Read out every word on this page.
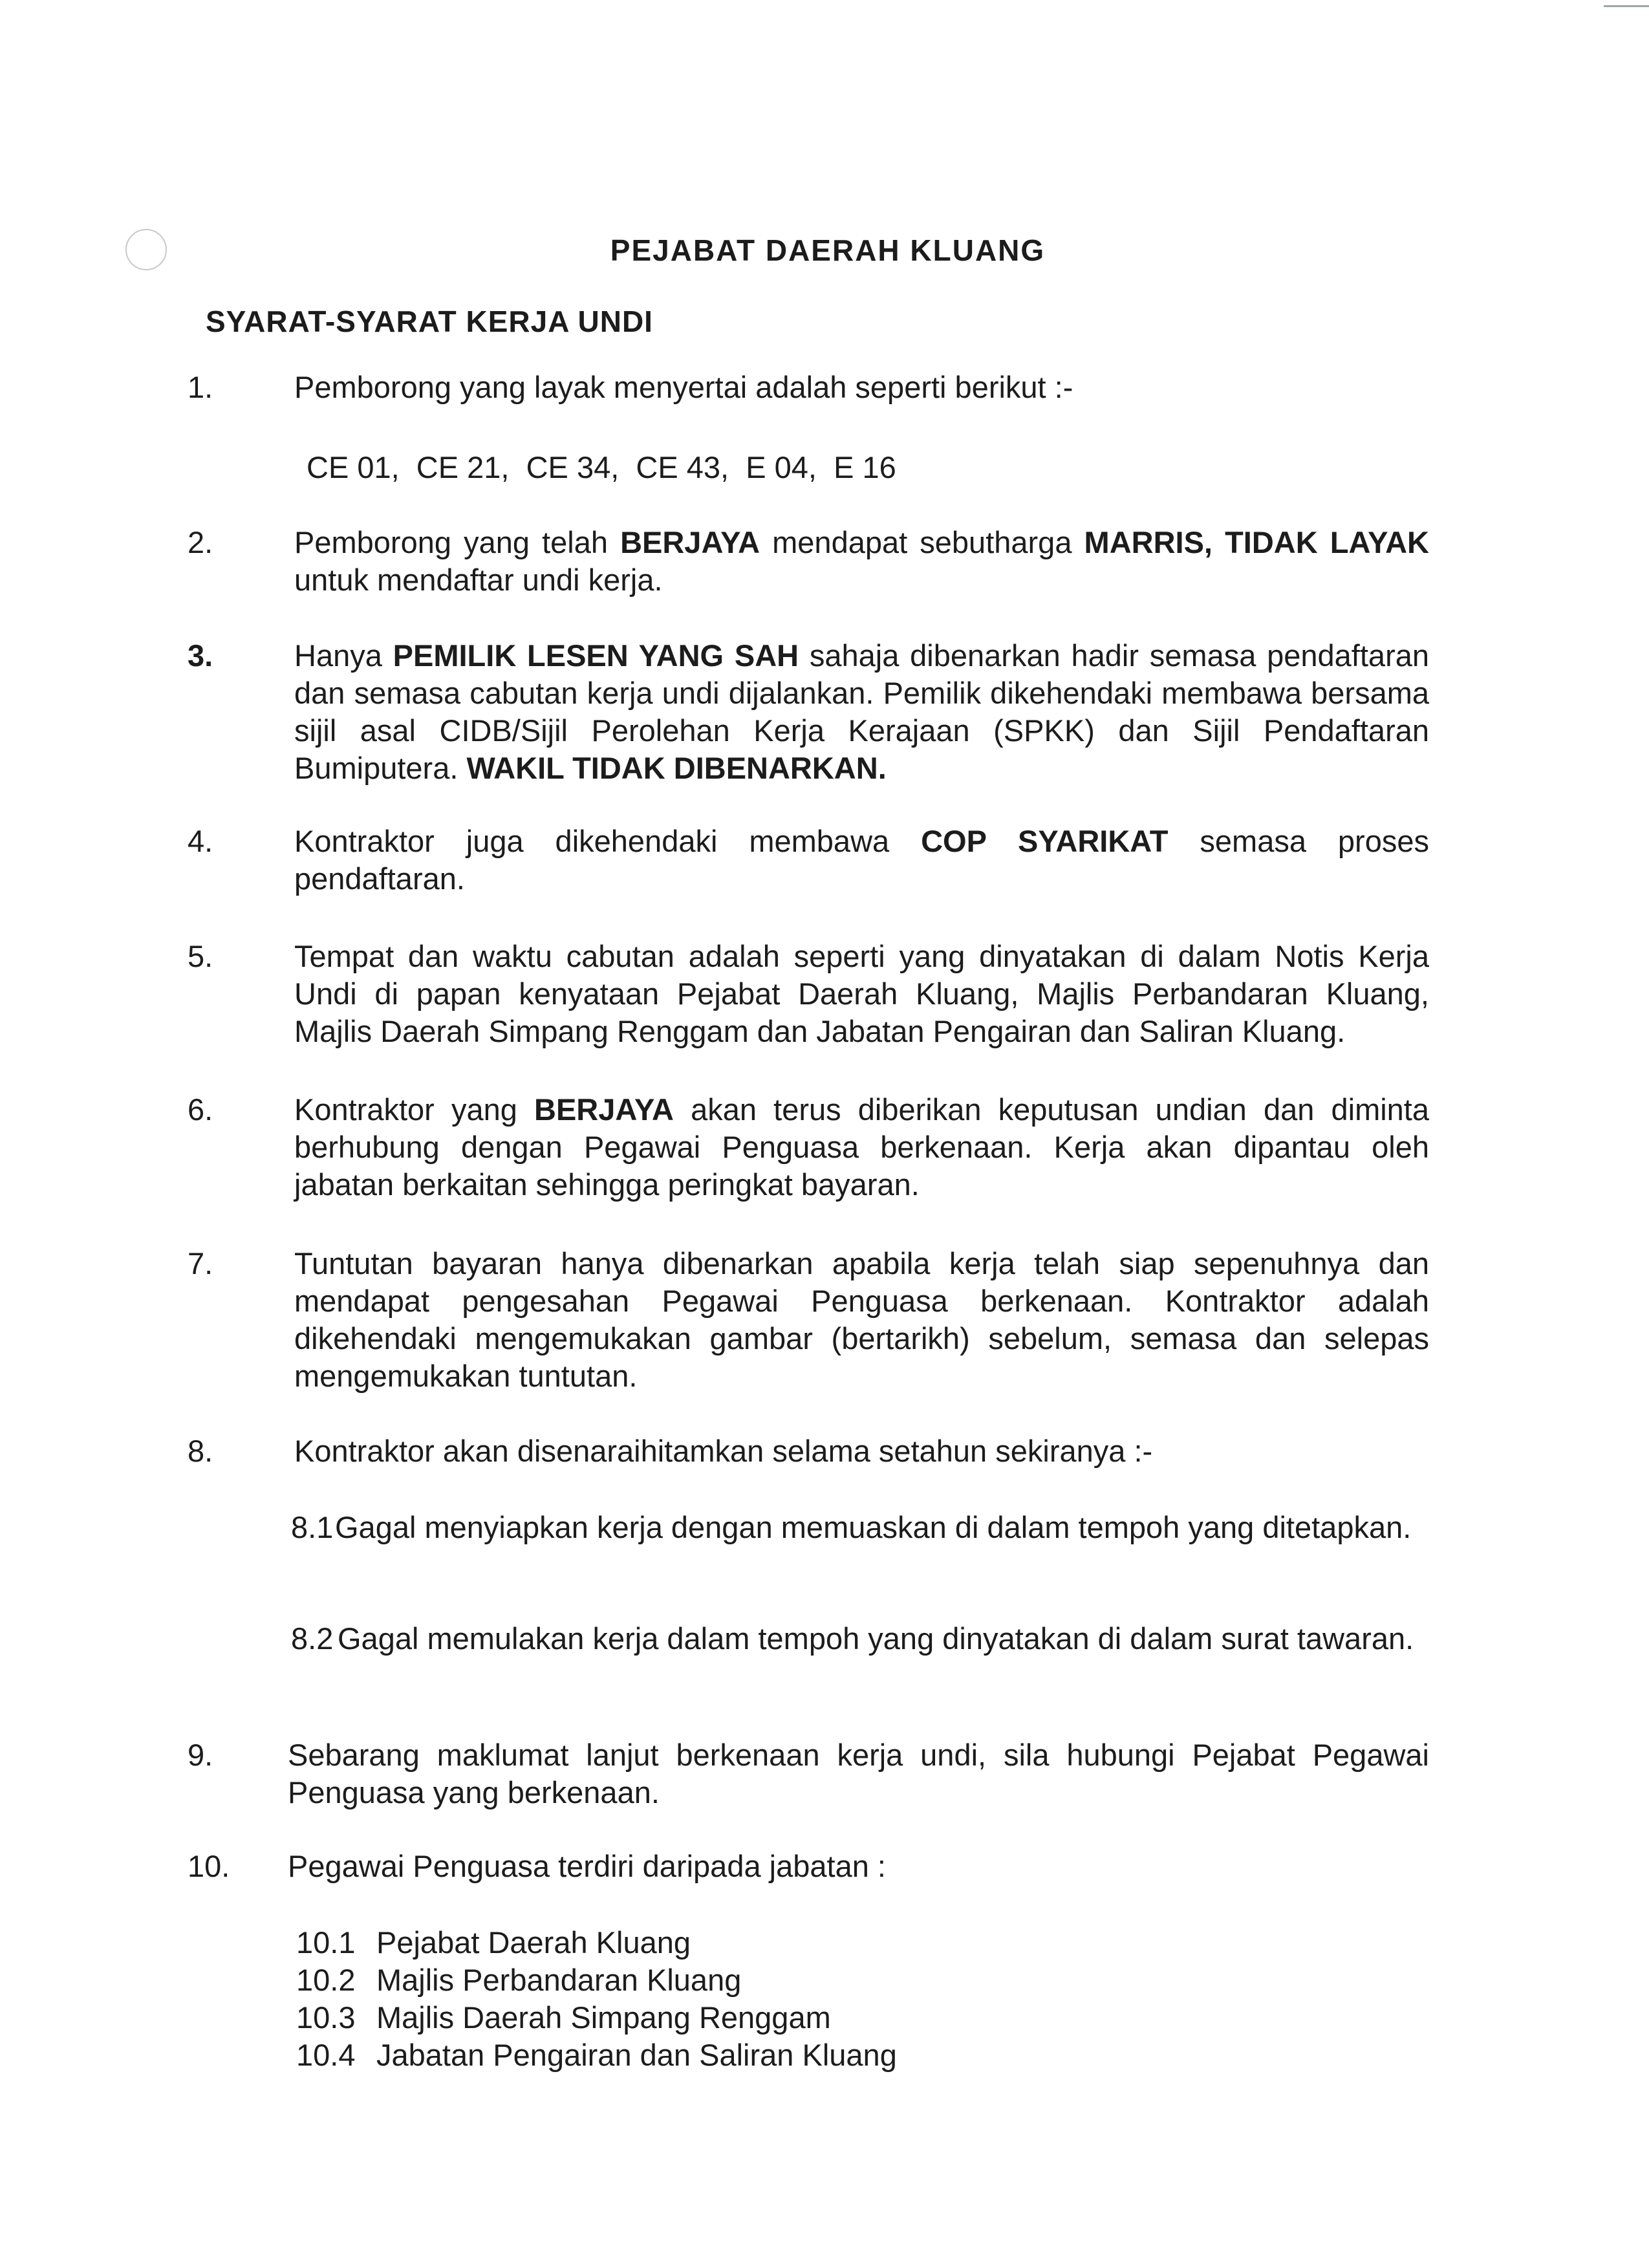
PEJABAT DAERAH KLUANG
SYARAT-SYARAT KERJA UNDI
1.	Pemborong yang layak menyertai adalah seperti berikut :-
CE 01,  CE 21,  CE 34,  CE 43,  E 04,  E 16
2.	Pemborong yang telah BERJAYA mendapat sebutharga MARRIS, TIDAK LAYAK untuk mendaftar undi kerja.
3.	Hanya PEMILIK LESEN YANG SAH sahaja dibenarkan hadir semasa pendaftaran dan semasa cabutan kerja undi dijalankan. Pemilik dikehendaki membawa bersama sijil asal CIDB/Sijil Perolehan Kerja Kerajaan (SPKK) dan Sijil Pendaftaran Bumiputera. WAKIL TIDAK DIBENARKAN.
4.	Kontraktor juga dikehendaki membawa COP SYARIKAT semasa proses pendaftaran.
5.	Tempat dan waktu cabutan adalah seperti yang dinyatakan di dalam Notis Kerja Undi di papan kenyataan Pejabat Daerah Kluang, Majlis Perbandaran Kluang, Majlis Daerah Simpang Renggam dan Jabatan Pengairan dan Saliran Kluang.
6.	Kontraktor yang BERJAYA akan terus diberikan keputusan undian dan diminta berhubung dengan Pegawai Penguasa berkenaan. Kerja akan dipantau oleh jabatan berkaitan sehingga peringkat bayaran.
7.	Tuntutan bayaran hanya dibenarkan apabila kerja telah siap sepenuhnya dan mendapat pengesahan Pegawai Penguasa berkenaan. Kontraktor adalah dikehendaki mengemukakan gambar (bertarikh) sebelum, semasa dan selepas mengemukakan tuntutan.
8.	Kontraktor akan disenaraihitamkan selama setahun sekiranya :-
8.1 Gagal menyiapkan kerja dengan memuaskan di dalam tempoh yang ditetapkan.
8.2 Gagal memulakan kerja dalam tempoh yang dinyatakan di dalam surat tawaran.
9.	Sebarang maklumat lanjut berkenaan kerja undi, sila hubungi Pejabat Pegawai Penguasa yang berkenaan.
10.	Pegawai Penguasa terdiri daripada jabatan :
10.1 Pejabat Daerah Kluang
10.2 Majlis Perbandaran Kluang
10.3 Majlis Daerah Simpang Renggam
10.4 Jabatan Pengairan dan Saliran Kluang
